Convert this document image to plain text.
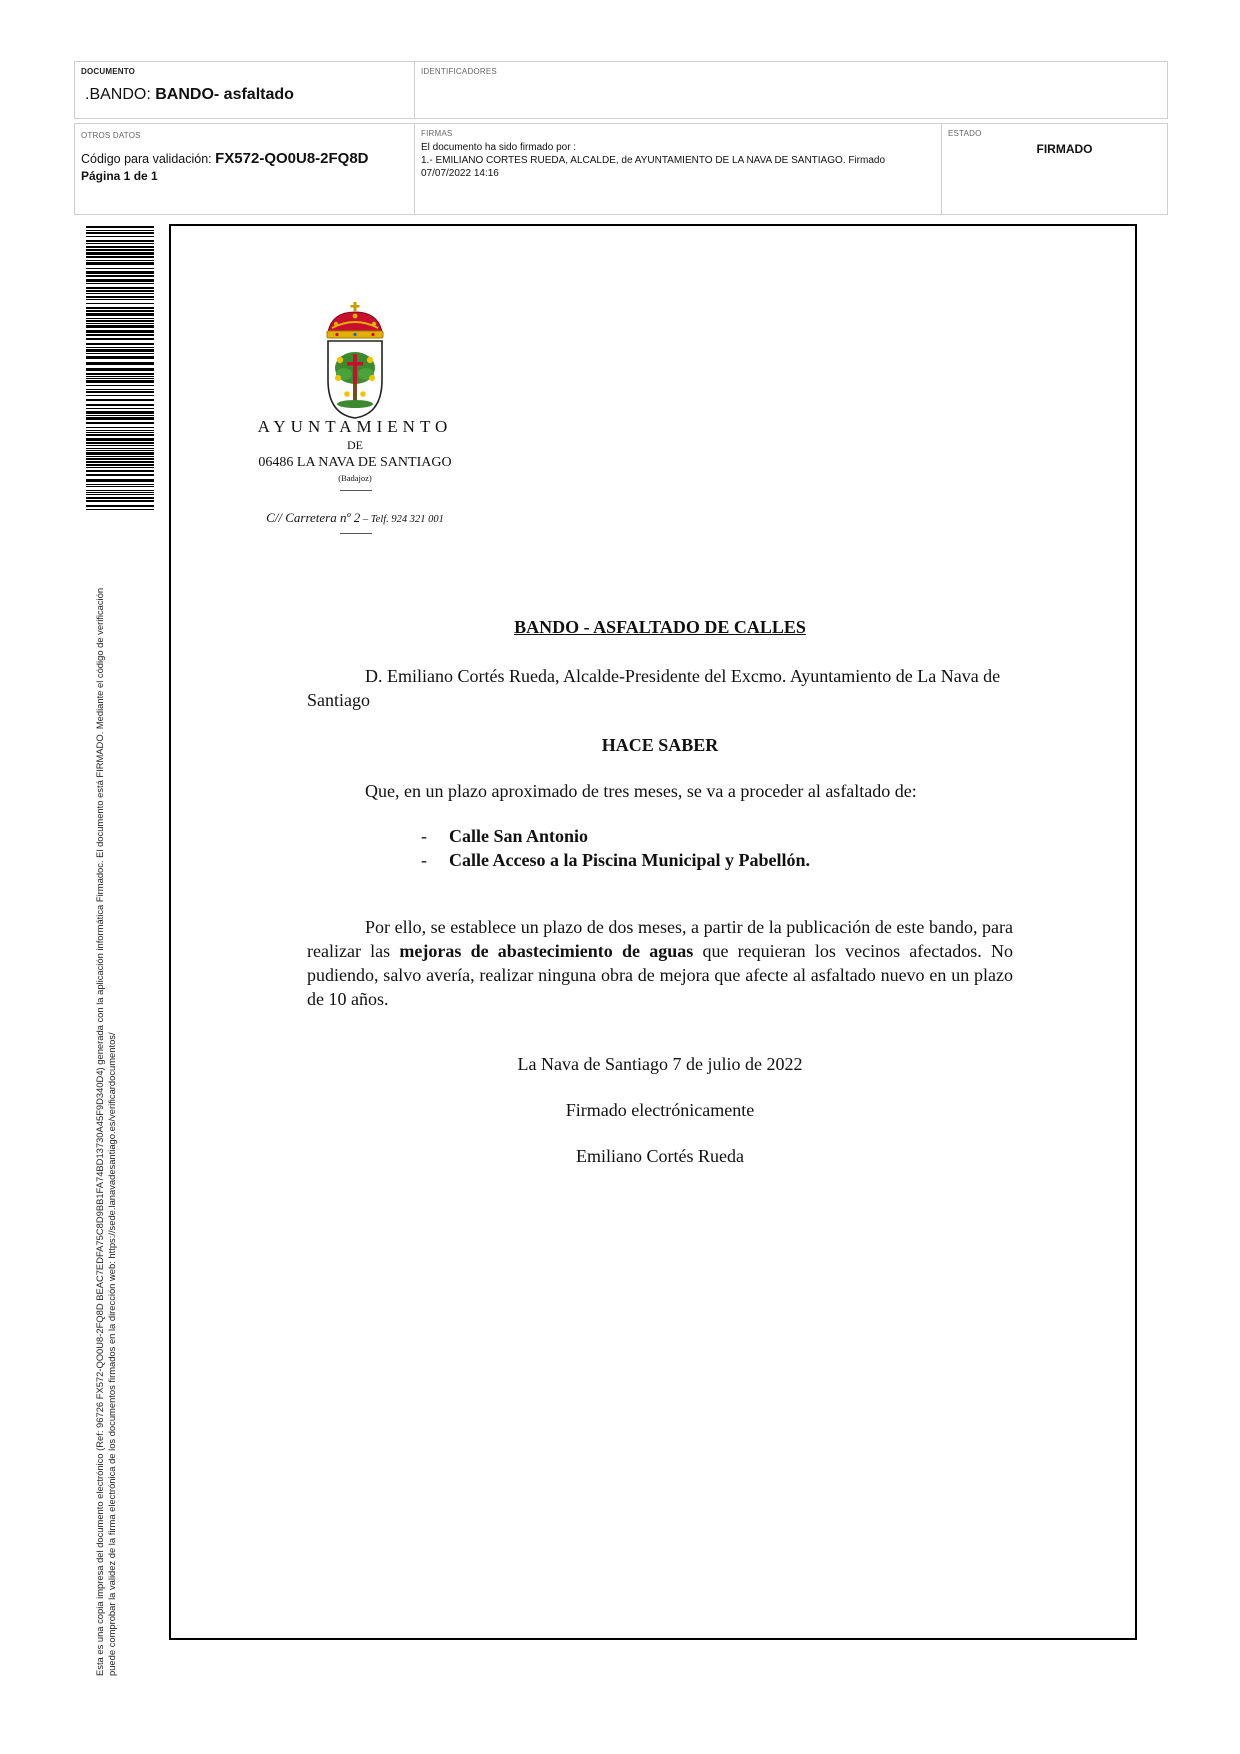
DOCUMENTO
.BANDO: BANDO- asfaltado
IDENTIFICADORES
OTROS DATOS
Código para validación: FX572-QO0U8-2FQ8D
Página 1 de 1
FIRMAS
El documento ha sido firmado por :
1.- EMILIANO CORTES RUEDA, ALCALDE, de AYUNTAMIENTO DE LA NAVA DE SANTIAGO. Firmado 07/07/2022 14:16
ESTADO
FIRMADO
Esta es una copia impresa del documento electrónico (Ref: 96726 FX572-QO0U8-2FQ8D BEAC7EDFA75C8D9BB1FA74BD13730A45F9D340D4) generada con la aplicación informática Firmadoc. El documento está FIRMADO. Mediante el código de verificación puede comprobar la validez de la firma electrónica de los documentos firmados en la dirección web: https://sede.lanavadesantiago.es/verificardocumentos/
AYUNTAMIENTO
DE
06486 LA NAVA DE SANTIAGO
(Badajoz)
C// Carretera nº 2 – Telf. 924 321 001
BANDO - ASFALTADO DE CALLES
D. Emiliano Cortés Rueda, Alcalde-Presidente del Excmo. Ayuntamiento de La Nava de Santiago
HACE SABER
Que, en un plazo aproximado de tres meses, se va a proceder al asfaltado de:
- Calle San Antonio
- Calle Acceso a la Piscina Municipal y Pabellón.
Por ello, se establece un plazo de dos meses, a partir de la publicación de este bando, para realizar las mejoras de abastecimiento de aguas que requieran los vecinos afectados. No pudiendo, salvo avería, realizar ninguna obra de mejora que afecte al asfaltado nuevo en un plazo de 10 años.
La Nava de Santiago 7 de julio de 2022
Firmado electrónicamente
Emiliano Cortés Rueda
